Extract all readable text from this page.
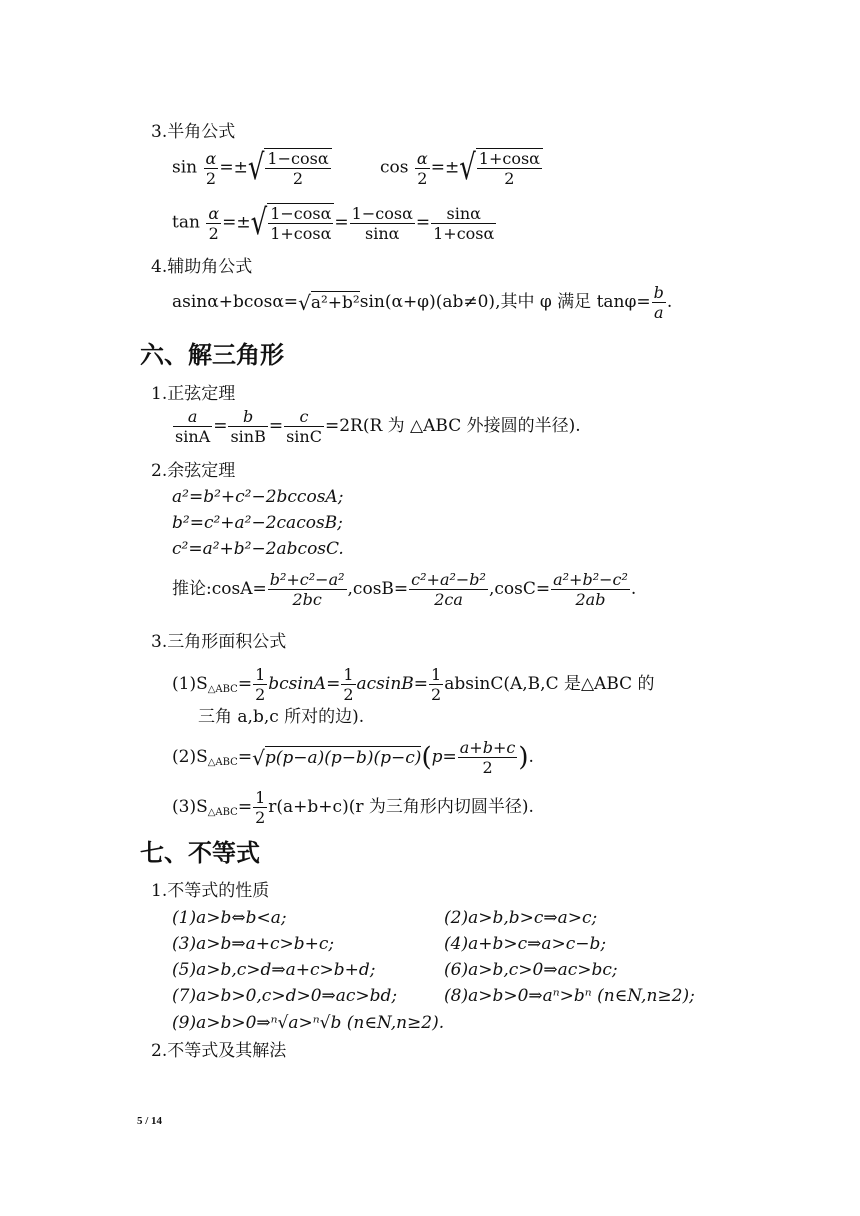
3.半角公式
$\sin \frac{\alpha}{2}$ =±√ $\frac{1-\cos\alpha}{2}$	$\cos \frac{\alpha}{2}$ =±√ $\frac{1+\cos\alpha}{2}$
$\tan \frac{\alpha}{2}$ =±√ $\frac{1-\cos\alpha}{1+\cos\alpha} = \frac{1-\cos\alpha}{\sin\alpha} = \frac{\sin\alpha}{1+\cos\alpha}$
4.辅助角公式
asinα+bcosα=√a²+b²sin(α+φ)(ab≠0),其中 φ 满足 $\tan\varphi= \frac{b}{a}$ .
六、解三角形
1.正弦定理
$\frac{a}{\sin A} = \frac{b}{\sin B} = \frac{c}{\sin C} =2R(R$ 为 △ABC 外接圆的半径).
2.余弦定理
a²=b²+c²−2bccosA;
b²=c²+a²−2cacosB;
c²=a²+b²−2abcosC.
推论:cosA= $\frac{\text{b²+c²−a²}}{2bc} ,\cos B= \frac{\text{c²+a²−b²}}{2ca} ,\cos C= \frac{\text{a²+b²−c²}}{2ab}$ .
3.三角形面积公式
$(1)S_{\triangle ABC}= \frac{1}{2} bcsinA= \frac{1}{2} acsinB= \frac{1}{2} absinC(A,B,C$ 是△ABC 的
三角 a,b,c 所对的边).
$(2)S_{\triangle ABC}=√p(p-a)(p-b)(p-c)(p= \frac{a+b+c}{2}$ ).
$(3)S_{\triangle ABC}= \frac{1}{2} r(a+b+c)(r$ 为三角形内切圆半径).
七、不等式
1.不等式的性质
(1)a>b⇔b<a;	(2)a>b,b>c⇒a>c;
(3)a>b⇒a+c>b+c;	(4)a+b>c⇒a>c−b;
(5)a>b,c>d⇒a+c>b+d;	(6)a>b,c>0⇒ac>bc;
(7)a>b>0,c>d>0⇒ac>bd;	(8)a>b>0⇒aⁿ>bⁿ (n∈N,n≥2);
(9)a>b>0⇒ⁿ√a>ⁿ√b (n∈N,n≥2).
2.不等式及其解法
5 / 14
